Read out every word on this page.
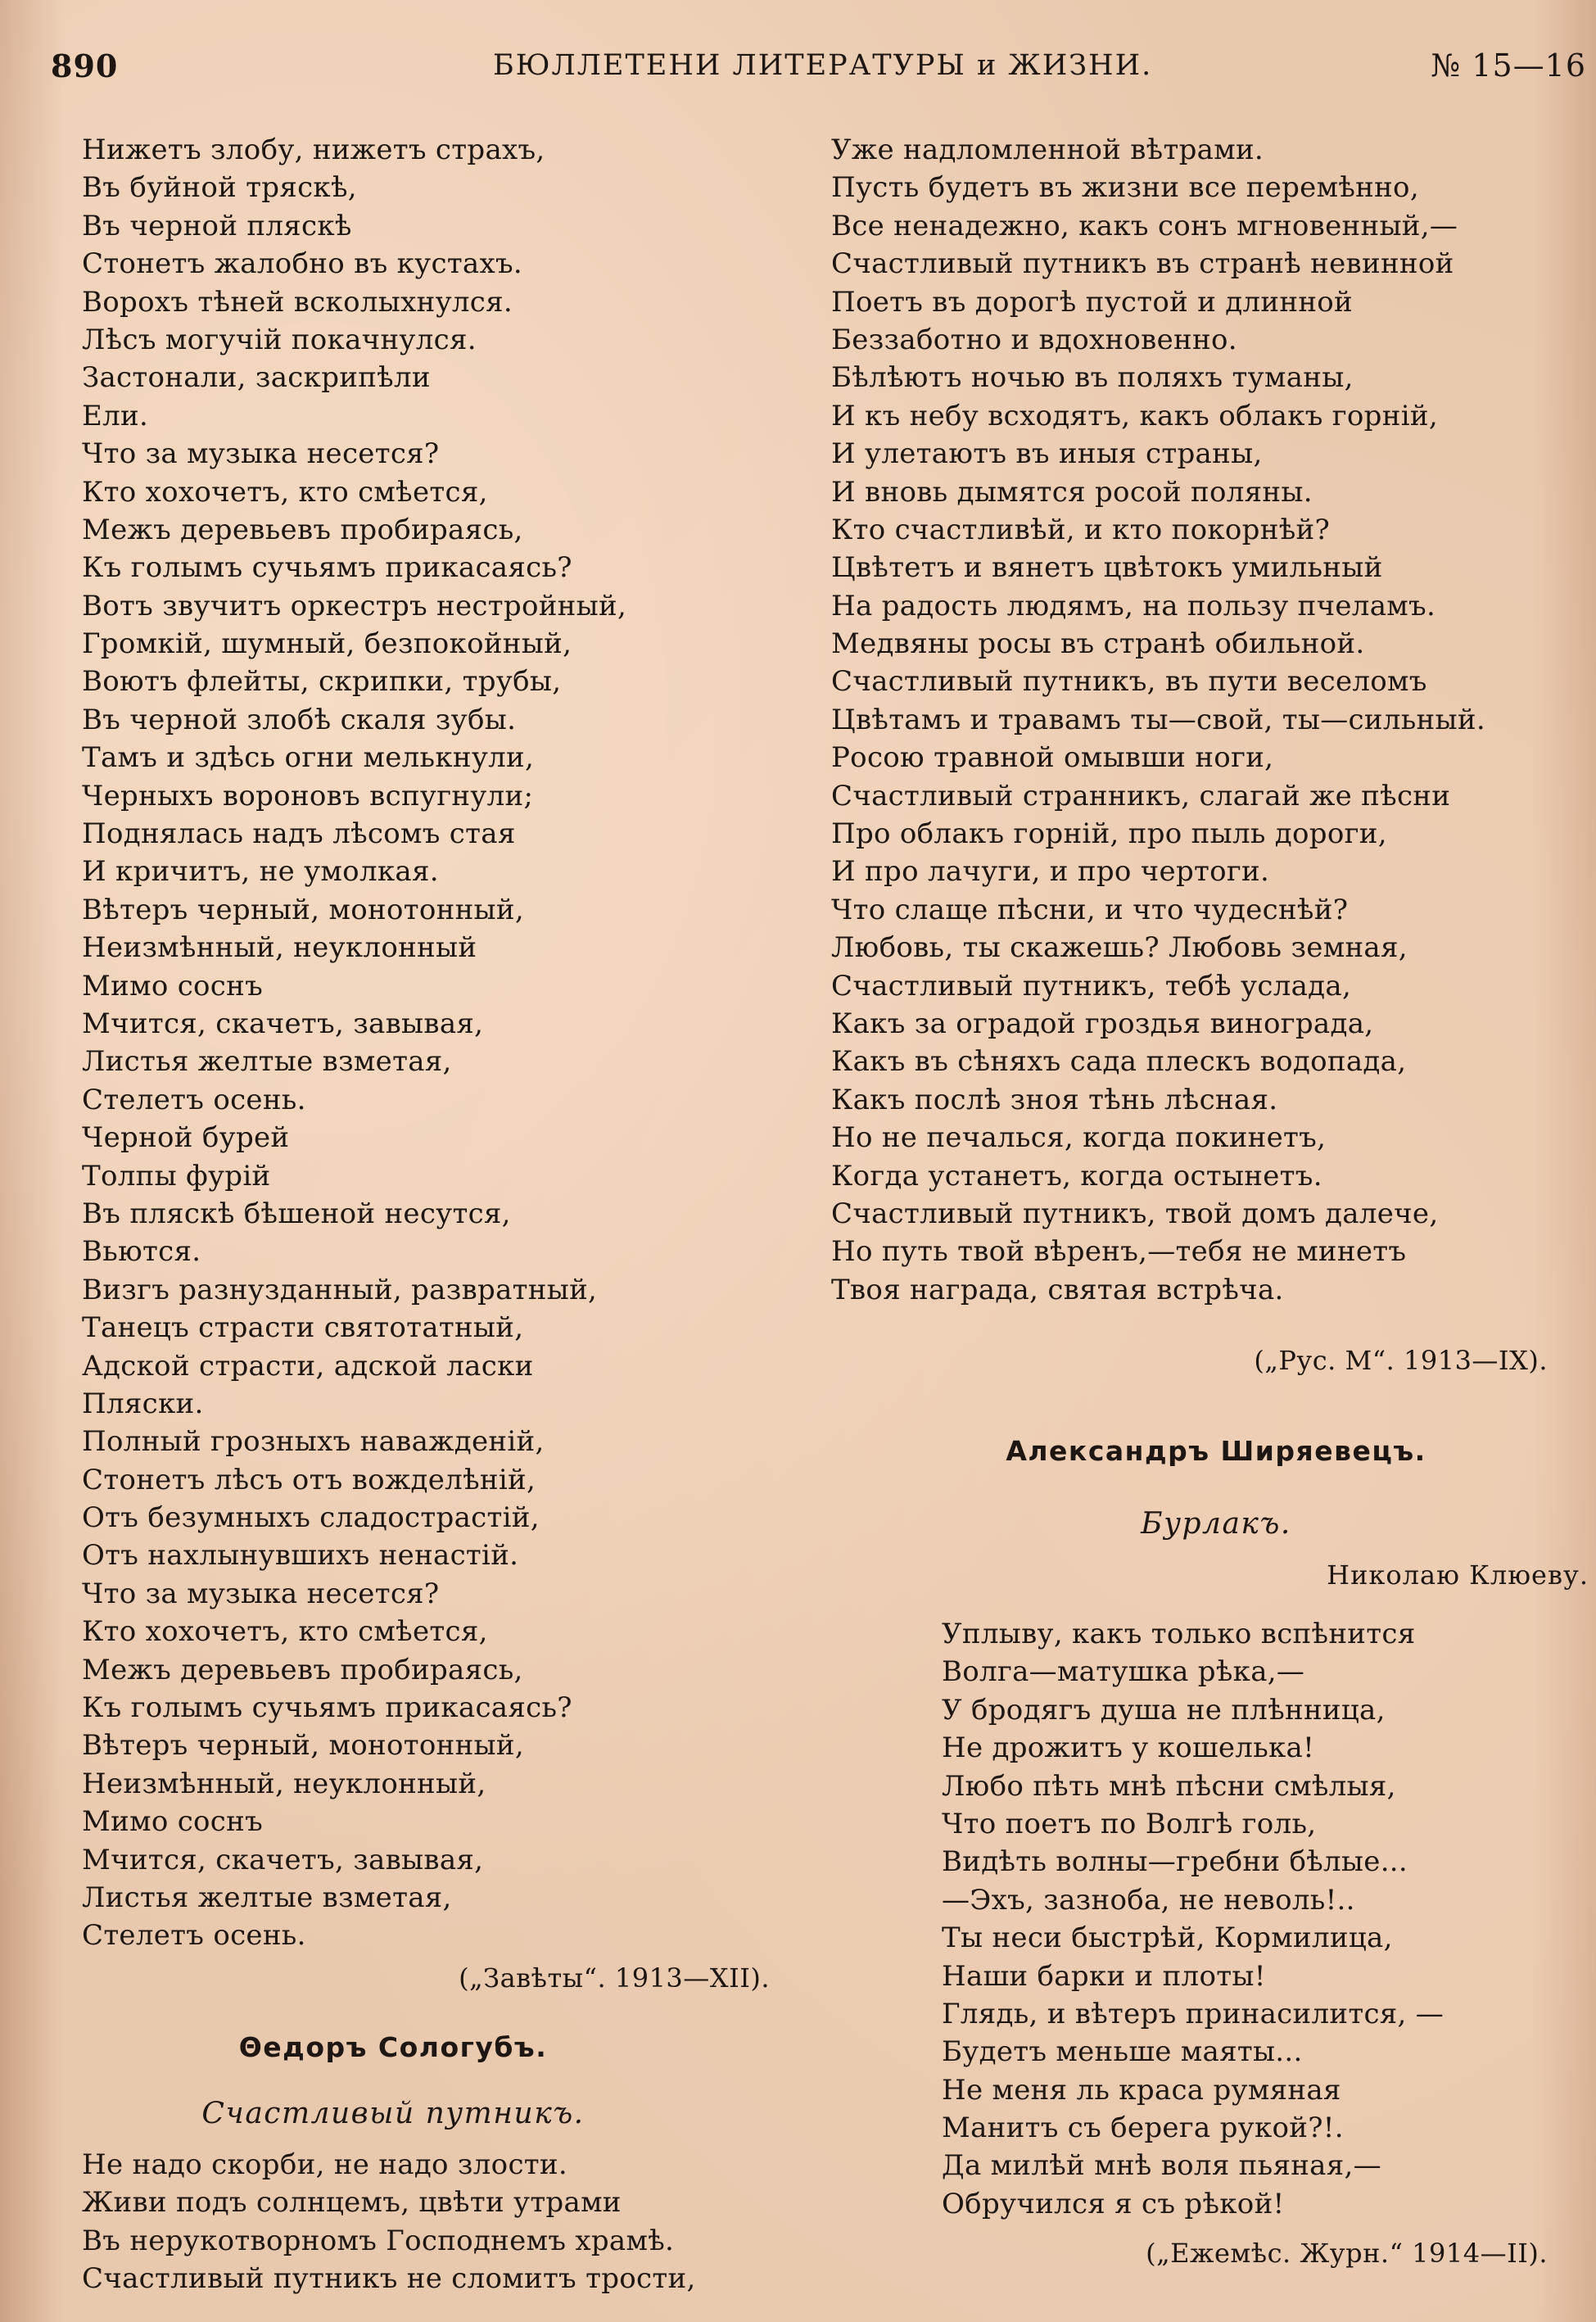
890	БЮЛЛЕТЕНИ ЛИТЕРАТУРЫ и ЖИЗНИ.	№ 15—16
Нижетъ злобу, нижетъ страхъ,
Въ буйной тряскѣ,
Въ черной пляскѣ
Стонетъ жалобно въ кустахъ.
Ворохъ тѣней всколыхнулся.
Лѣсъ могучій покачнулся.
Застонали, заскрипѣли
Ели.
Что за музыка несется?
Кто хохочетъ, кто смѣется,
Межъ деревьевъ пробираясь,
Къ голымъ сучьямъ прикасаясь?
Вотъ звучитъ оркестръ нестройный,
Громкій, шумный, безпокойный,
Воютъ флейты, скрипки, трубы,
Въ черной злобѣ скаля зубы.
Тамъ и здѣсь огни мелькнули,
Черныхъ вороновъ вспугнули;
Поднялась надъ лѣсомъ стая
И кричитъ, не умолкая.
Вѣтеръ черный, монотонный,
Неизмѣнный, неуклонный
Мимо соснъ
Мчится, скачетъ, завывая,
Листья желтые взметая,
Стелетъ осень.
Черной бурей
Толпы фурій
Въ пляскѣ бѣшеной несутся,
Вьются.
Визгъ разнузданный, развратный,
Танецъ страсти святотатный,
Адской страсти, адской ласки
Пляски.
Полный грозныхъ наважденій,
Стонетъ лѣсъ отъ вожделѣній,
Отъ безумныхъ сладострастій,
Отъ нахлынувшихъ ненастій.
Что за музыка несется?
Кто хохочетъ, кто смѣется,
Межъ деревьевъ пробираясь,
Къ голымъ сучьямъ прикасаясь?
Вѣтеръ черный, монотонный,
Неизмѣнный, неуклонный,
Мимо соснъ
Мчится, скачетъ, завывая,
Листья желтые взметая,
Стелетъ осень.
(„Завѣты“. 1913—XII).
Θедоръ Сологубъ.
Счастливый путникъ.
Не надо скорби, не надо злости.
Живи подъ солнцемъ, цвѣти утрами
Въ нерукотворномъ Господнемъ храмѣ.
Счастливый путникъ не сломитъ трости,
Уже надломленной вѣтрами.
Пусть будетъ въ жизни все перемѣнно,
Все ненадежно, какъ сонъ мгновенный,—
Счастливый путникъ въ странѣ невинной
Поетъ въ дорогѣ пустой и длинной
Беззаботно и вдохновенно.
Бѣлѣютъ ночью въ поляхъ туманы,
И къ небу всходятъ, какъ облакъ горній,
И улетаютъ въ иныя страны,
И вновь дымятся росой поляны.
Кто счастливѣй, и кто покорнѣй?
Цвѣтетъ и вянетъ цвѣтокъ умильный
На радость людямъ, на пользу пчеламъ.
Медвяны росы въ странѣ обильной.
Счастливый путникъ, въ пути веселомъ
Цвѣтамъ и травамъ ты—свой, ты—сильный.
Росою травной омывши ноги,
Счастливый странникъ, слагай же пѣсни
Про облакъ горній, про пыль дороги,
И про лачуги, и про чертоги.
Что слаще пѣсни, и что чудеснѣй?
Любовь, ты скажешь? Любовь земная,
Счастливый путникъ, тебѣ услада,
Какъ за оградой гроздья винограда,
Какъ въ сѣняхъ сада плескъ водопада,
Какъ послѣ зноя тѣнь лѣсная.
Но не печалься, когда покинетъ,
Когда устанетъ, когда остынетъ.
Счастливый путникъ, твой домъ далече,
Но путь твой вѣренъ,—тебя не минетъ
Твоя награда, святая встрѣча.
(„Рус. М“. 1913—IX).
Александръ Ширяевецъ.
Бурлакъ.
Николаю Клюеву.
Уплыву, какъ только вспѣнится
Волга—матушка рѣка,—
У бродягъ душа не плѣнница,
Не дрожитъ у кошелька!
Любо пѣть мнѣ пѣсни смѣлыя,
Что поетъ по Волгѣ голь,
Видѣть волны—гребни бѣлые...
—Эхъ, зазноба, не неволь!..
Ты неси быстрѣй, Кормилица,
Наши барки и плоты!
Глядь, и вѣтеръ принасилится, —
Будетъ меньше маяты...
Не меня ль краса румяная
Манитъ съ берега рукой?!.
Да милѣй мнѣ воля пьяная,—
Обручился я съ рѣкой!
(„Ежемѣс. Журн.“ 1914—II).
